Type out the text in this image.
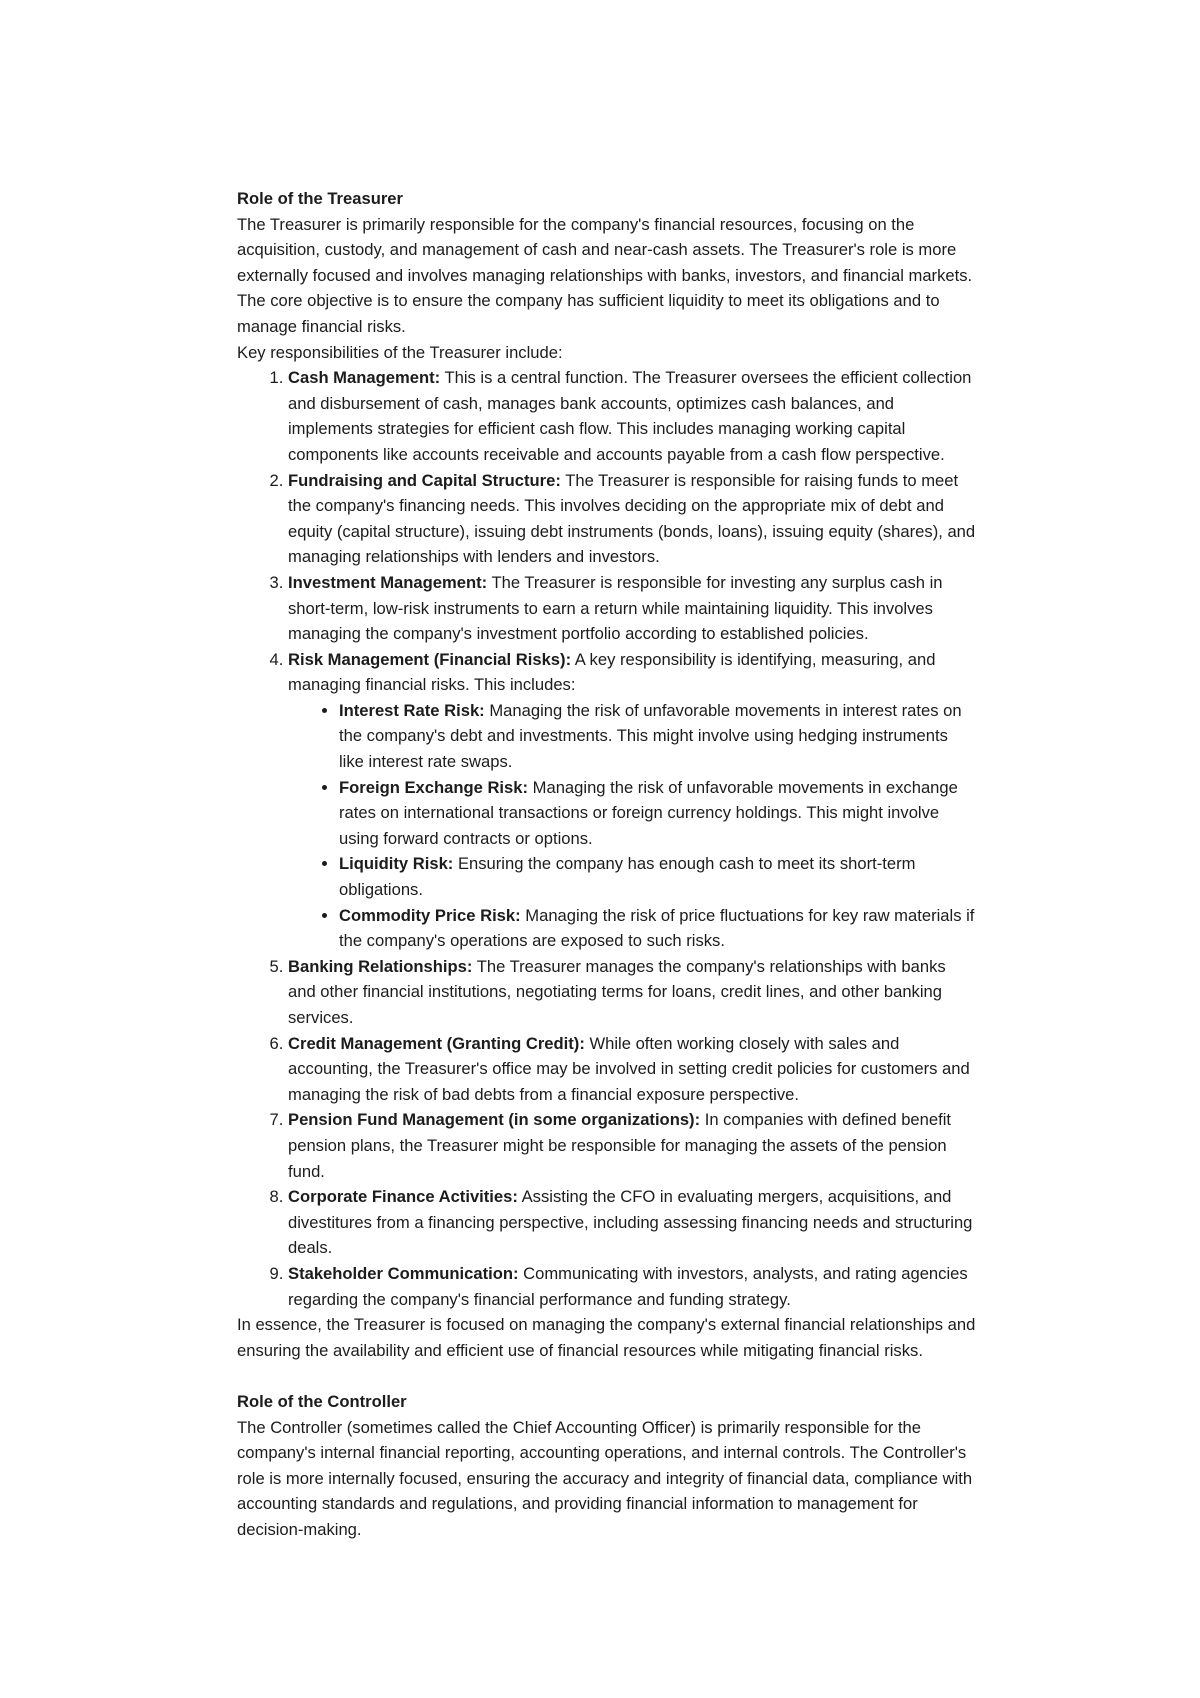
Role of the Treasurer

The Treasurer is primarily responsible for the company's financial resources, focusing on the acquisition, custody, and management of cash and near-cash assets. The Treasurer's role is more externally focused and involves managing relationships with banks, investors, and financial markets. The core objective is to ensure the company has sufficient liquidity to meet its obligations and to manage financial risks.

Key responsibilities of the Treasurer include:

1. Cash Management: This is a central function. The Treasurer oversees the efficient collection and disbursement of cash, manages bank accounts, optimizes cash balances, and implements strategies for efficient cash flow. This includes managing working capital components like accounts receivable and accounts payable from a cash flow perspective.
2. Fundraising and Capital Structure: The Treasurer is responsible for raising funds to meet the company's financing needs. This involves deciding on the appropriate mix of debt and equity (capital structure), issuing debt instruments (bonds, loans), issuing equity (shares), and managing relationships with lenders and investors.
3. Investment Management: The Treasurer is responsible for investing any surplus cash in short-term, low-risk instruments to earn a return while maintaining liquidity. This involves managing the company's investment portfolio according to established policies.
4. Risk Management (Financial Risks): A key responsibility is identifying, measuring, and managing financial risks. This includes:
• Interest Rate Risk: Managing the risk of unfavorable movements in interest rates on the company's debt and investments. This might involve using hedging instruments like interest rate swaps.
• Foreign Exchange Risk: Managing the risk of unfavorable movements in exchange rates on international transactions or foreign currency holdings. This might involve using forward contracts or options.
• Liquidity Risk: Ensuring the company has enough cash to meet its short-term obligations.
• Commodity Price Risk: Managing the risk of price fluctuations for key raw materials if the company's operations are exposed to such risks.
5. Banking Relationships: The Treasurer manages the company's relationships with banks and other financial institutions, negotiating terms for loans, credit lines, and other banking services.
6. Credit Management (Granting Credit): While often working closely with sales and accounting, the Treasurer's office may be involved in setting credit policies for customers and managing the risk of bad debts from a financial exposure perspective.
7. Pension Fund Management (in some organizations): In companies with defined benefit pension plans, the Treasurer might be responsible for managing the assets of the pension fund.
8. Corporate Finance Activities: Assisting the CFO in evaluating mergers, acquisitions, and divestitures from a financing perspective, including assessing financing needs and structuring deals.
9. Stakeholder Communication: Communicating with investors, analysts, and rating agencies regarding the company's financial performance and funding strategy.

In essence, the Treasurer is focused on managing the company's external financial relationships and ensuring the availability and efficient use of financial resources while mitigating financial risks.

Role of the Controller

The Controller (sometimes called the Chief Accounting Officer) is primarily responsible for the company's internal financial reporting, accounting operations, and internal controls. The Controller's role is more internally focused, ensuring the accuracy and integrity of financial data, compliance with accounting standards and regulations, and providing financial information to management for decision-making.
